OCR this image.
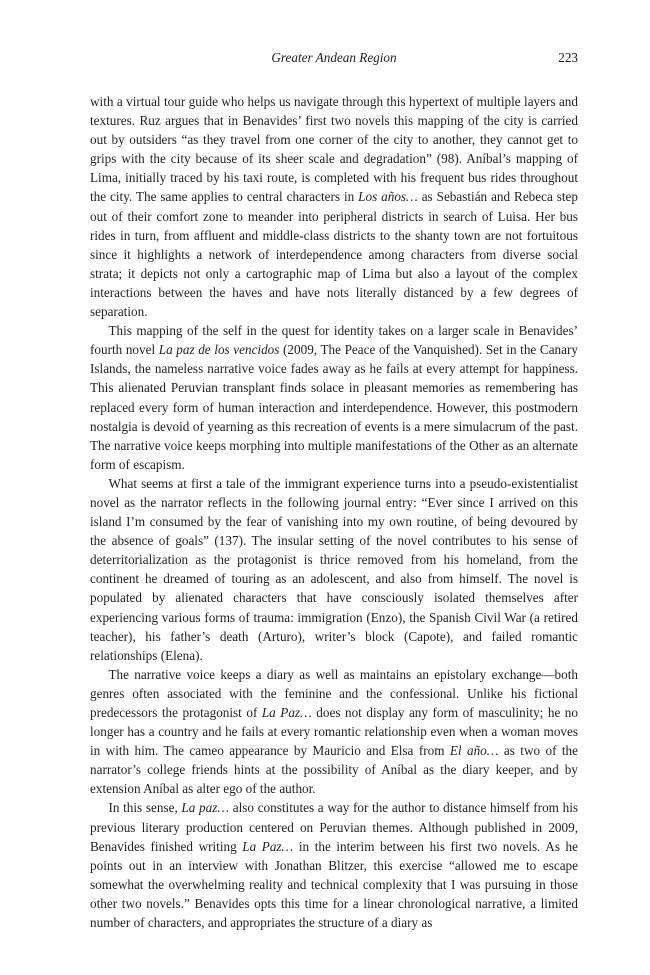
Greater Andean Region	223

with a virtual tour guide who helps us navigate through this hypertext of multiple layers and textures. Ruz argues that in Benavides’ first two novels this mapping of the city is carried out by outsiders “as they travel from one corner of the city to another, they cannot get to grips with the city because of its sheer scale and degradation” (98). Aníbal’s mapping of Lima, initially traced by his taxi route, is completed with his frequent bus rides throughout the city. The same applies to central characters in Los años… as Sebastián and Rebeca step out of their comfort zone to meander into peripheral districts in search of Luisa. Her bus rides in turn, from affluent and middle-class districts to the shanty town are not fortuitous since it highlights a network of interdependence among characters from diverse social strata; it depicts not only a cartographic map of Lima but also a layout of the complex interactions between the haves and have nots literally distanced by a few degrees of separation.

This mapping of the self in the quest for identity takes on a larger scale in Benavides’ fourth novel La paz de los vencidos (2009, The Peace of the Vanquished). Set in the Canary Islands, the nameless narrative voice fades away as he fails at every attempt for happiness. This alienated Peruvian transplant finds solace in pleasant memories as remembering has replaced every form of human interaction and interdependence. However, this postmodern nostalgia is devoid of yearning as this recreation of events is a mere simulacrum of the past. The narrative voice keeps morphing into multiple manifestations of the Other as an alternate form of escapism.

What seems at first a tale of the immigrant experience turns into a pseudo-existentialist novel as the narrator reflects in the following journal entry: “Ever since I arrived on this island I’m consumed by the fear of vanishing into my own routine, of being devoured by the absence of goals” (137). The insular setting of the novel contributes to his sense of deterritorialization as the protagonist is thrice removed from his homeland, from the continent he dreamed of touring as an adolescent, and also from himself. The novel is populated by alienated characters that have consciously isolated themselves after experiencing various forms of trauma: immigration (Enzo), the Spanish Civil War (a retired teacher), his father’s death (Arturo), writer’s block (Capote), and failed romantic relationships (Elena).

The narrative voice keeps a diary as well as maintains an epistolary exchange—both genres often associated with the feminine and the confessional. Unlike his fictional predecessors the protagonist of La Paz… does not display any form of masculinity; he no longer has a country and he fails at every romantic relationship even when a woman moves in with him. The cameo appearance by Mauricio and Elsa from El año… as two of the narrator’s college friends hints at the possibility of Aníbal as the diary keeper, and by extension Aníbal as alter ego of the author.

In this sense, La paz… also constitutes a way for the author to distance himself from his previous literary production centered on Peruvian themes. Although published in 2009, Benavides finished writing La Paz… in the interim between his first two novels. As he points out in an interview with Jonathan Blitzer, this exercise “allowed me to escape somewhat the overwhelming reality and technical complexity that I was pursuing in those other two novels.” Benavides opts this time for a linear chronological narrative, a limited number of characters, and appropriates the structure of a diary as
